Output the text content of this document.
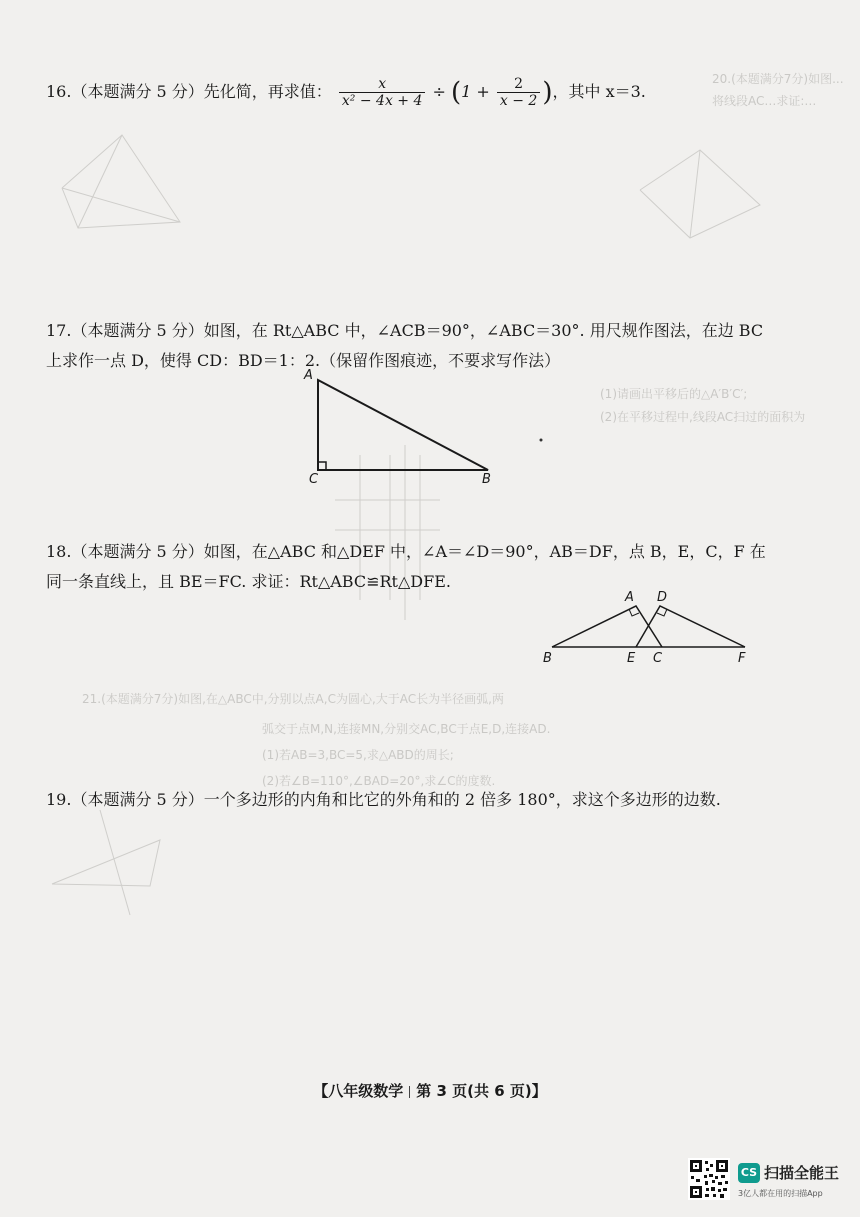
20.(本题满分7分)如图...
将线段AC…求证:…
21.(本题满分7分)如图,在△ABC中,分别以点A,C为圆心,大于AC长为半径画弧,两
弧交于点M,N,连接MN,分别交AC,BC于点E,D,连接AD.
(1)若AB=3,BC=5,求△ABD的周长;
(2)若∠B=110°,∠BAD=20°,求∠C的度数.
(1)请画出平移后的△A′B′C′;
(2)在平移过程中,线段AC扫过的面积为
16.（本题满分 5 分）先化简，再求值： $\frac{x}{\text{x² − 4x + 4}} \div (1 + \frac{2}{x - 2}$ )，其中 x＝3.
17.（本题满分 5 分）如图，在 Rt△ABC 中，∠ACB＝90°，∠ABC＝30°. 用尺规作图法，在边 BC
上求作一点 D，使得 CD：BD＝1：2.（保留作图痕迹，不要求写作法）
A
C	B
18.（本题满分 5 分）如图，在△ABC 和△DEF 中，∠A＝∠D＝90°，AB＝DF，点 B，E，C，F 在
同一条直线上，且 BE＝FC. 求证：Rt△ABC≌Rt△DFE.
A D
B	E C	F
19.（本题满分 5 分）一个多边形的内角和比它的外角和的 2 倍多 180°，求这个多边形的边数.
【八年级数学 第 3 页(共 6 页)】
CS 扫描全能王
3亿人都在用的扫描App
